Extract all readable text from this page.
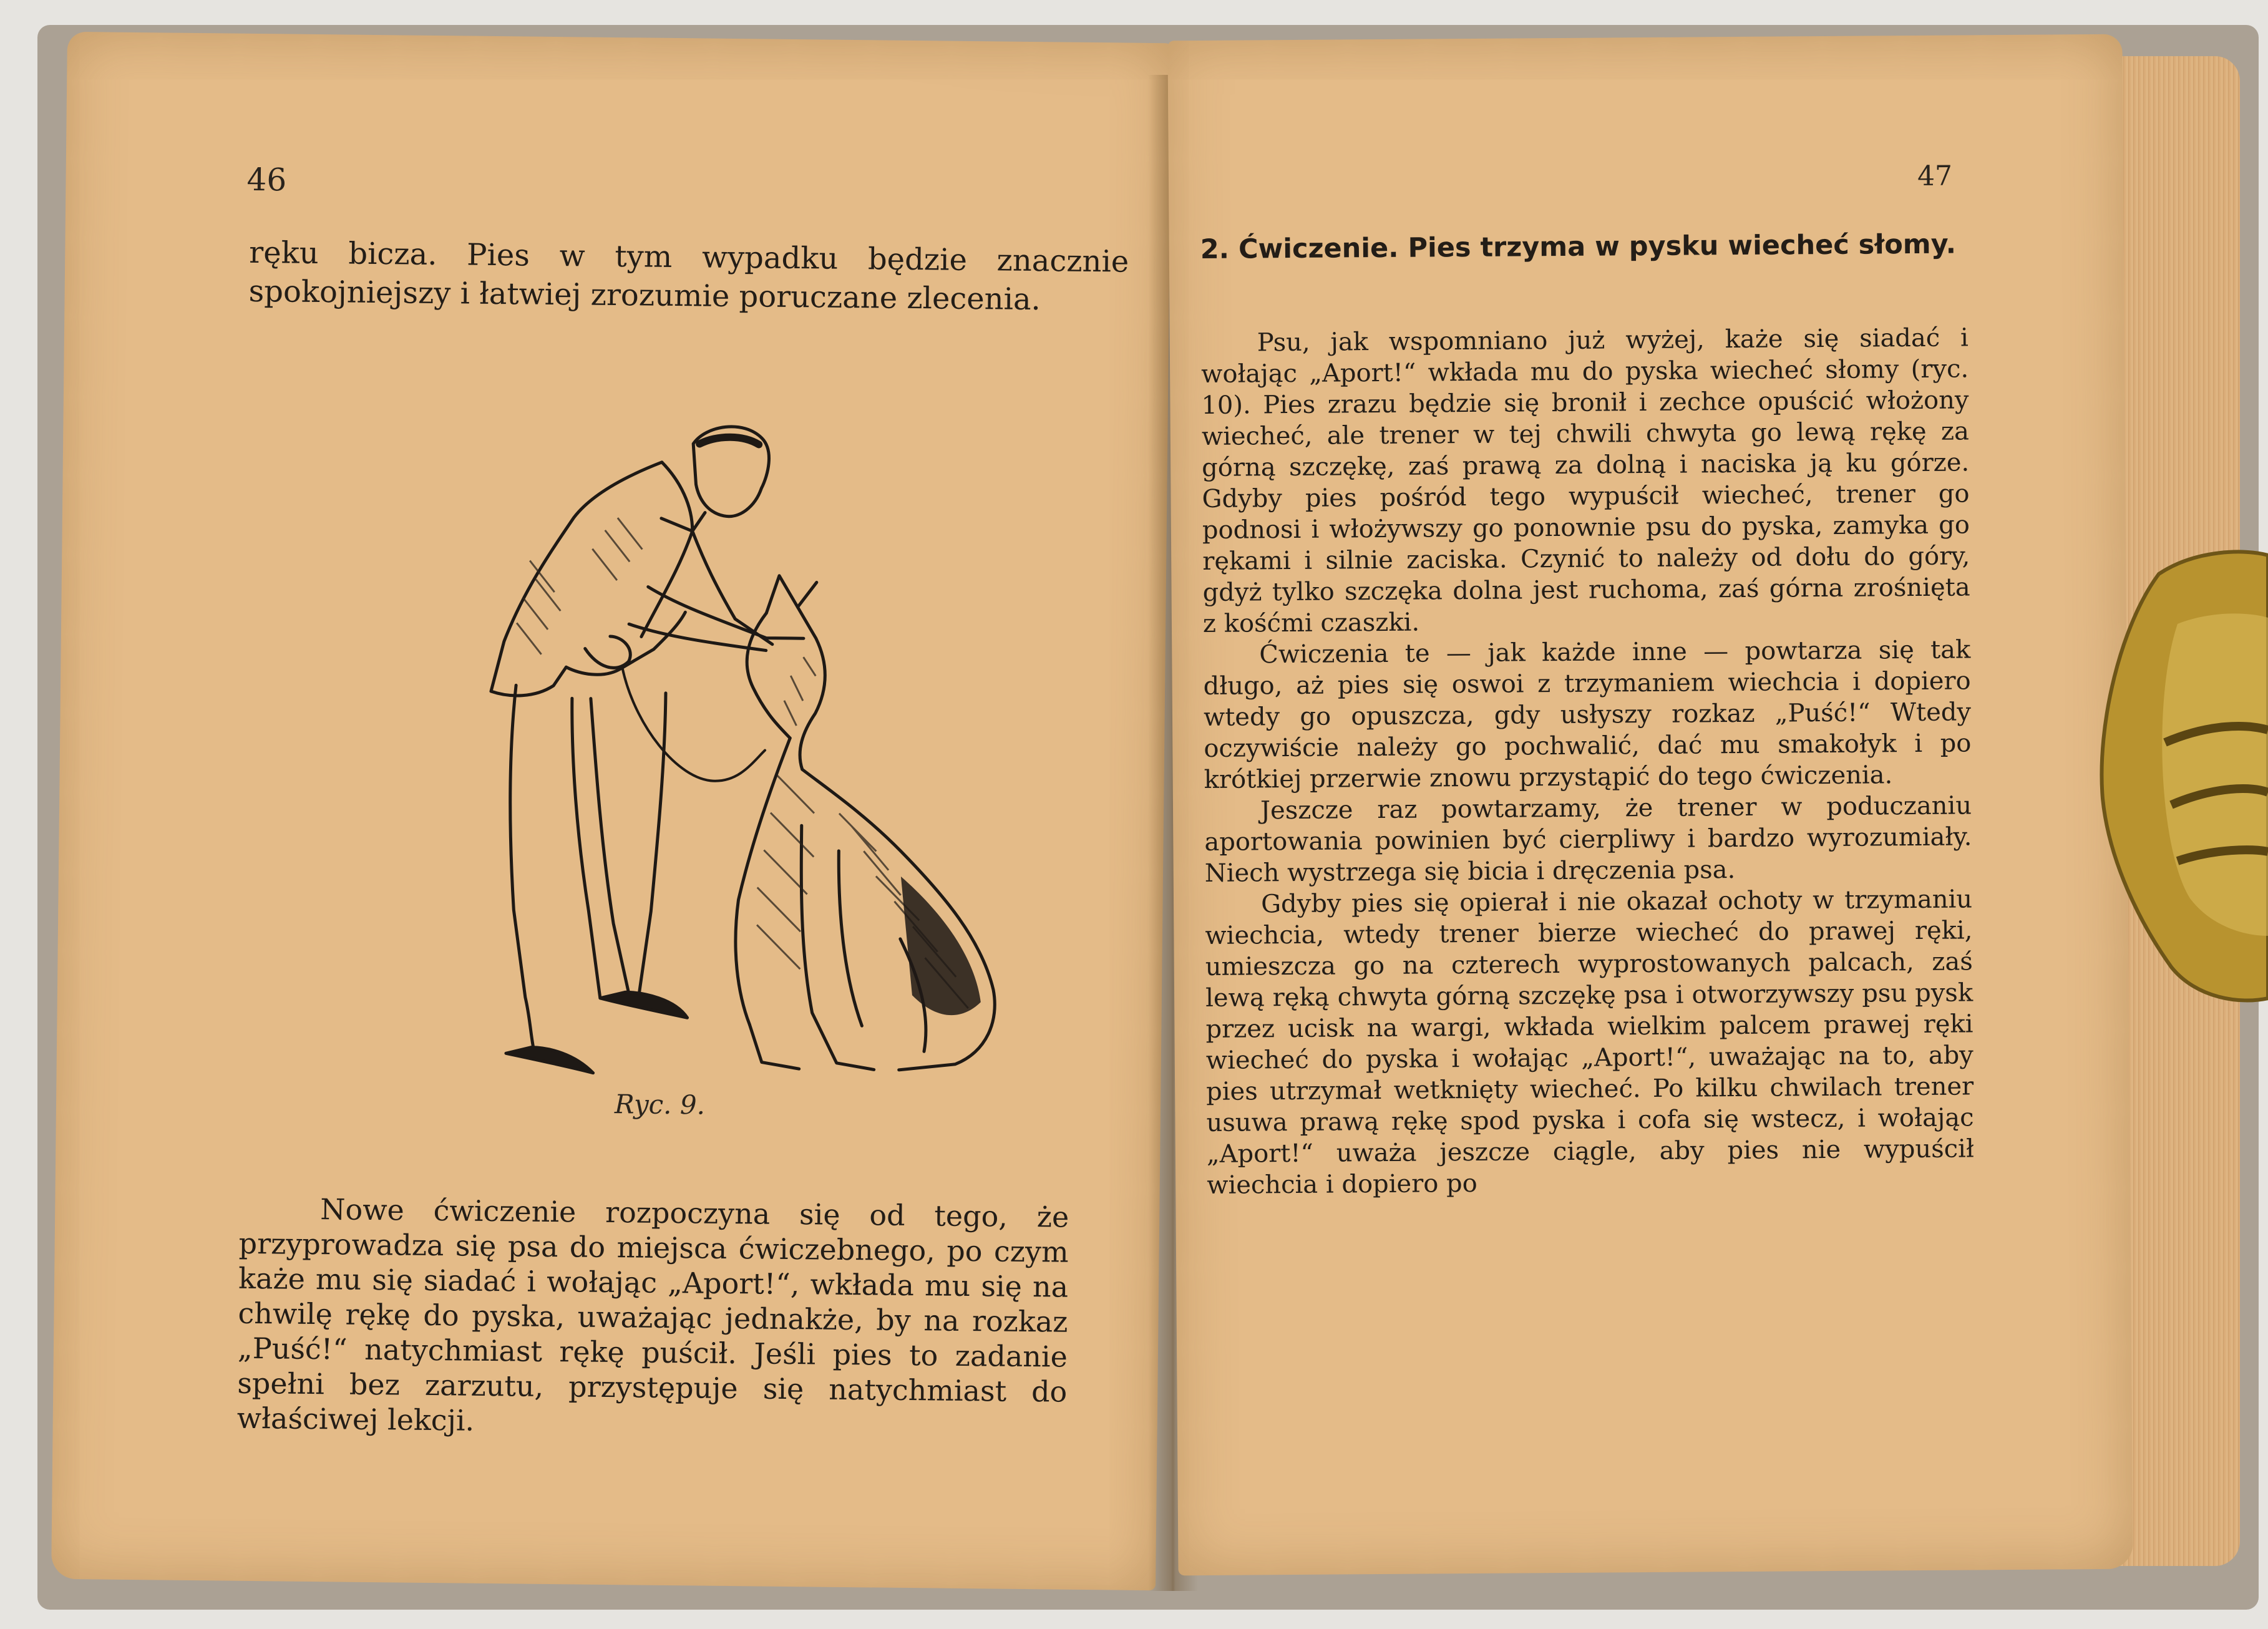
46
ręku bicza. Pies w tym wypadku będzie znacznie spokojniejszy i łatwiej zrozumie poruczane zlecenia.
Ryc. 9.
Nowe ćwiczenie rozpoczyna się od tego, że przyprowadza się psa do miejsca ćwiczebnego, po czym każe mu się siadać i wołając „Aport!“, wkłada mu się na chwilę rękę do pyska, uważając jednakże, by na rozkaz „Puść!“ natychmiast rękę puścił. Jeśli pies to zadanie spełni bez zarzutu, przystępuje się natychmiast do właściwej lekcji.
47
2. Ćwiczenie. Pies trzyma w pysku wiecheć słomy.

Psu, jak wspomniano już wyżej, każe się siadać i wołając „Aport!“ wkłada mu do pyska wiecheć słomy (ryc. 10). Pies zrazu będzie się bronił i zechce opuścić włożony wiecheć, ale trener w tej chwili chwyta go lewą rękę za górną szczękę, zaś prawą za dolną i naciska ją ku górze. Gdyby pies pośród tego wypuścił wiecheć, trener go podnosi i włożywszy go ponownie psu do pyska, zamyka go rękami i silnie zaciska. Czynić to należy od dołu do góry, gdyż tylko szczęka dolna jest ruchoma, zaś górna zrośnięta z kośćmi czaszki.

Ćwiczenia te — jak każde inne — powtarza się tak długo, aż pies się oswoi z trzymaniem wiechcia i dopiero wtedy go opuszcza, gdy usłyszy rozkaz „Puść!“ Wtedy oczywiście należy go pochwalić, dać mu smakołyk i po krótkiej przerwie znowu przystąpić do tego ćwiczenia.

Jeszcze raz powtarzamy, że trener w poduczaniu aportowania powinien być cierpliwy i bardzo wyrozumiały. Niech wystrzega się bicia i dręczenia psa.

Gdyby pies się opierał i nie okazał ochoty w trzymaniu wiechcia, wtedy trener bierze wiecheć do prawej ręki, umieszcza go na czterech wyprostowanych palcach, zaś lewą ręką chwyta górną szczękę psa i otworzywszy psu pysk przez ucisk na wargi, wkłada wielkim palcem prawej ręki wiecheć do pyska i wołając „Aport!“, uważając na to, aby pies utrzymał wetknięty wiecheć. Po kilku chwilach trener usuwa prawą rękę spod pyska i cofa się wstecz, i wołając „Aport!“ uważa jeszcze ciągle, aby pies nie wypuścił wiechcia i dopiero po
